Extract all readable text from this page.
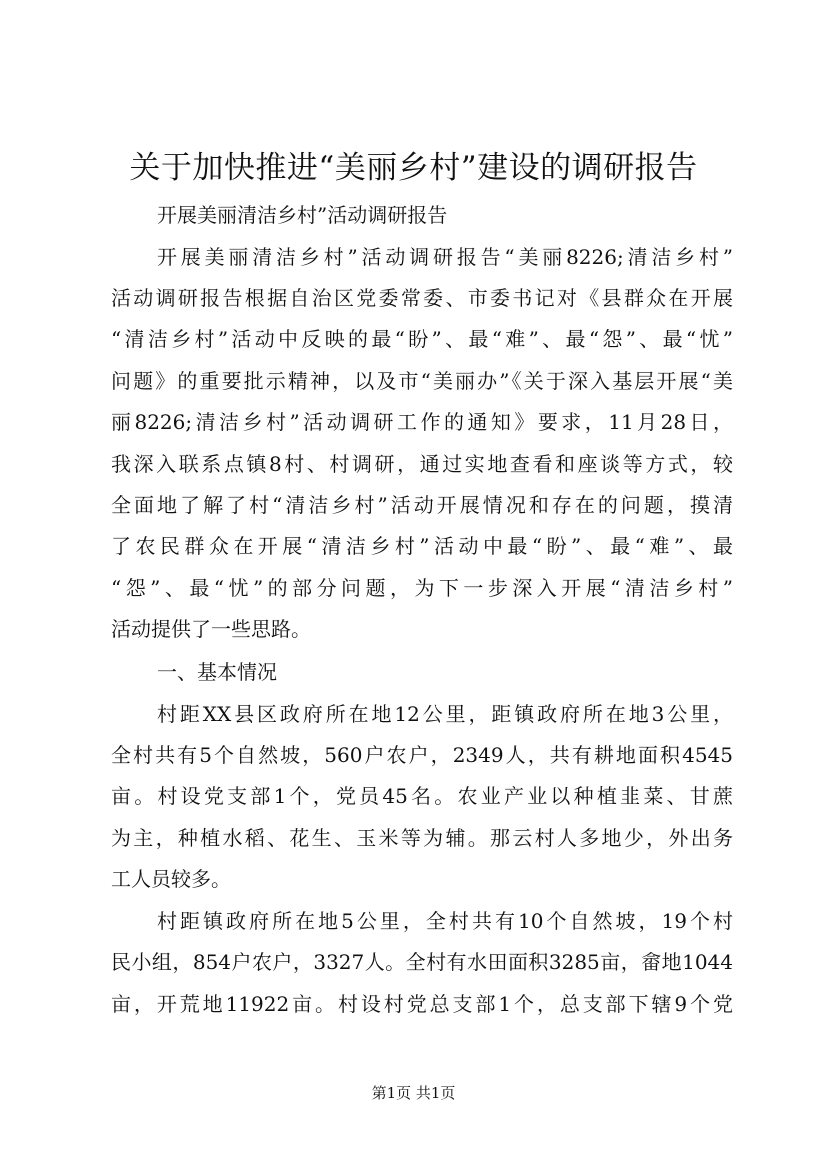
关于加快推进“美丽乡村”建设的调研报告
开展美丽清洁乡村”活动调研报告
开展美丽清洁乡村”活动调研报告“美丽8226;清洁乡村”
活动调研报告根据自治区党委常委、市委书记对《县群众在开展
“清洁乡村”活动中反映的最“盼”、最“难”、最“怨”、最“忧”
问题》的重要批示精神，以及市“美丽办”《关于深入基层开展“美
丽8226;清洁乡村”活动调研工作的通知》要求，11月28日，
我深入联系点镇8村、村调研，通过实地查看和座谈等方式，较
全面地了解了村“清洁乡村”活动开展情况和存在的问题，摸清
了农民群众在开展“清洁乡村”活动中最“盼”、最“难”、最
“怨”、最“忧”的部分问题，为下一步深入开展“清洁乡村”
活动提供了一些思路。
一、基本情况
村距XX县区政府所在地12公里，距镇政府所在地3公里，
全村共有5个自然坡，560户农户，2349人，共有耕地面积4545
亩。村设党支部1个，党员45名。农业产业以种植韭菜、甘蔗
为主，种植水稻、花生、玉米等为辅。那云村人多地少，外出务
工人员较多。
村距镇政府所在地5公里，全村共有10个自然坡，19个村
民小组，854户农户，3327人。全村有水田面积3285亩，畲地1044
亩，开荒地11922亩。村设村党总支部1个，总支部下辖9个党
第1页 共1页
